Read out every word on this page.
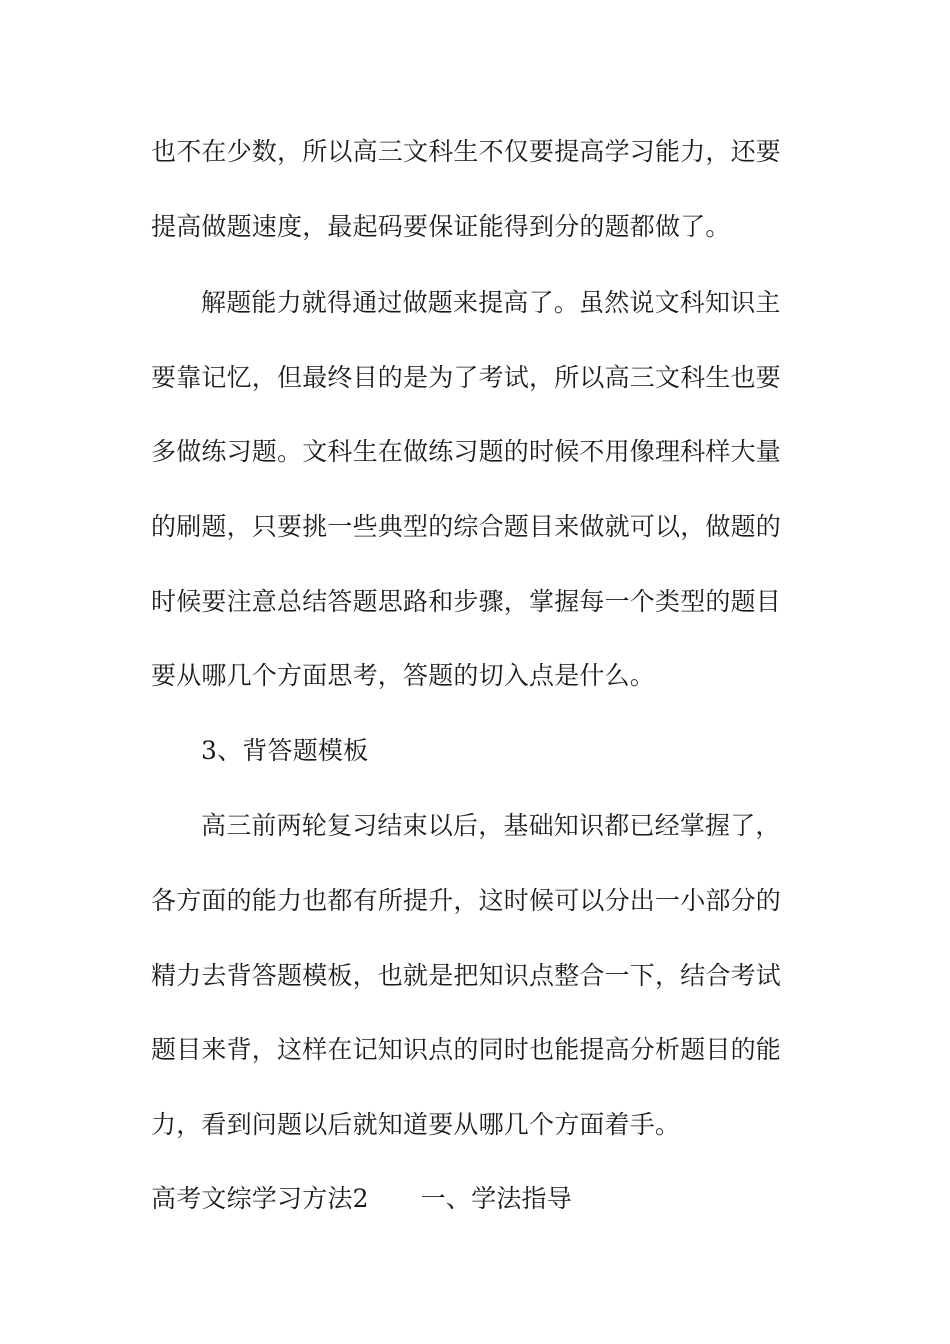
也不在少数，所以高三文科生不仅要提高学习能力，还要
提高做题速度，最起码要保证能得到分的题都做了。
解题能力就得通过做题来提高了。虽然说文科知识主
要靠记忆，但最终目的是为了考试，所以高三文科生也要
多做练习题。文科生在做练习题的时候不用像理科样大量
的刷题，只要挑一些典型的综合题目来做就可以，做题的
时候要注意总结答题思路和步骤，掌握每一个类型的题目
要从哪几个方面思考，答题的切入点是什么。
3、背答题模板
高三前两轮复习结束以后，基础知识都已经掌握了，
各方面的能力也都有所提升，这时候可以分出一小部分的
精力去背答题模板，也就是把知识点整合一下，结合考试
题目来背，这样在记知识点的同时也能提高分析题目的能
力，看到问题以后就知道要从哪几个方面着手。
高考文综学习方法2 一、学法指导
